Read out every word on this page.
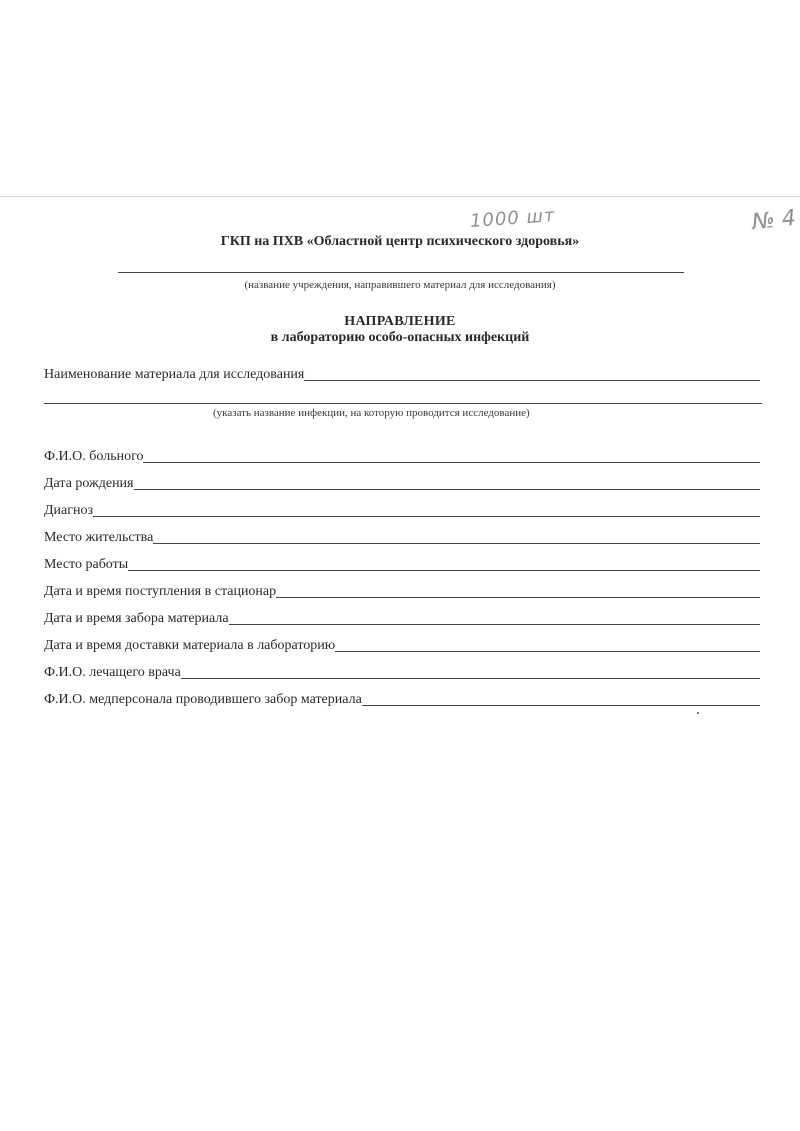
1000 шт	№ 4
ГКП на ПХВ «Областной центр психического здоровья»
(название учреждения, направившего материал для исследования)
НАПРАВЛЕНИЕ
в лабораторию особо-опасных инфекций
Наименование материала для исследования
(указать название инфекции, на которую проводится исследование)
Ф.И.О. больного
Дата рождения
Диагноз
Место жительства
Место работы
Дата и время поступления в стационар
Дата и время забора материала
Дата и время доставки материала в лабораторию
Ф.И.О. лечащего врача
Ф.И.О. медперсонала проводившего забор материала
